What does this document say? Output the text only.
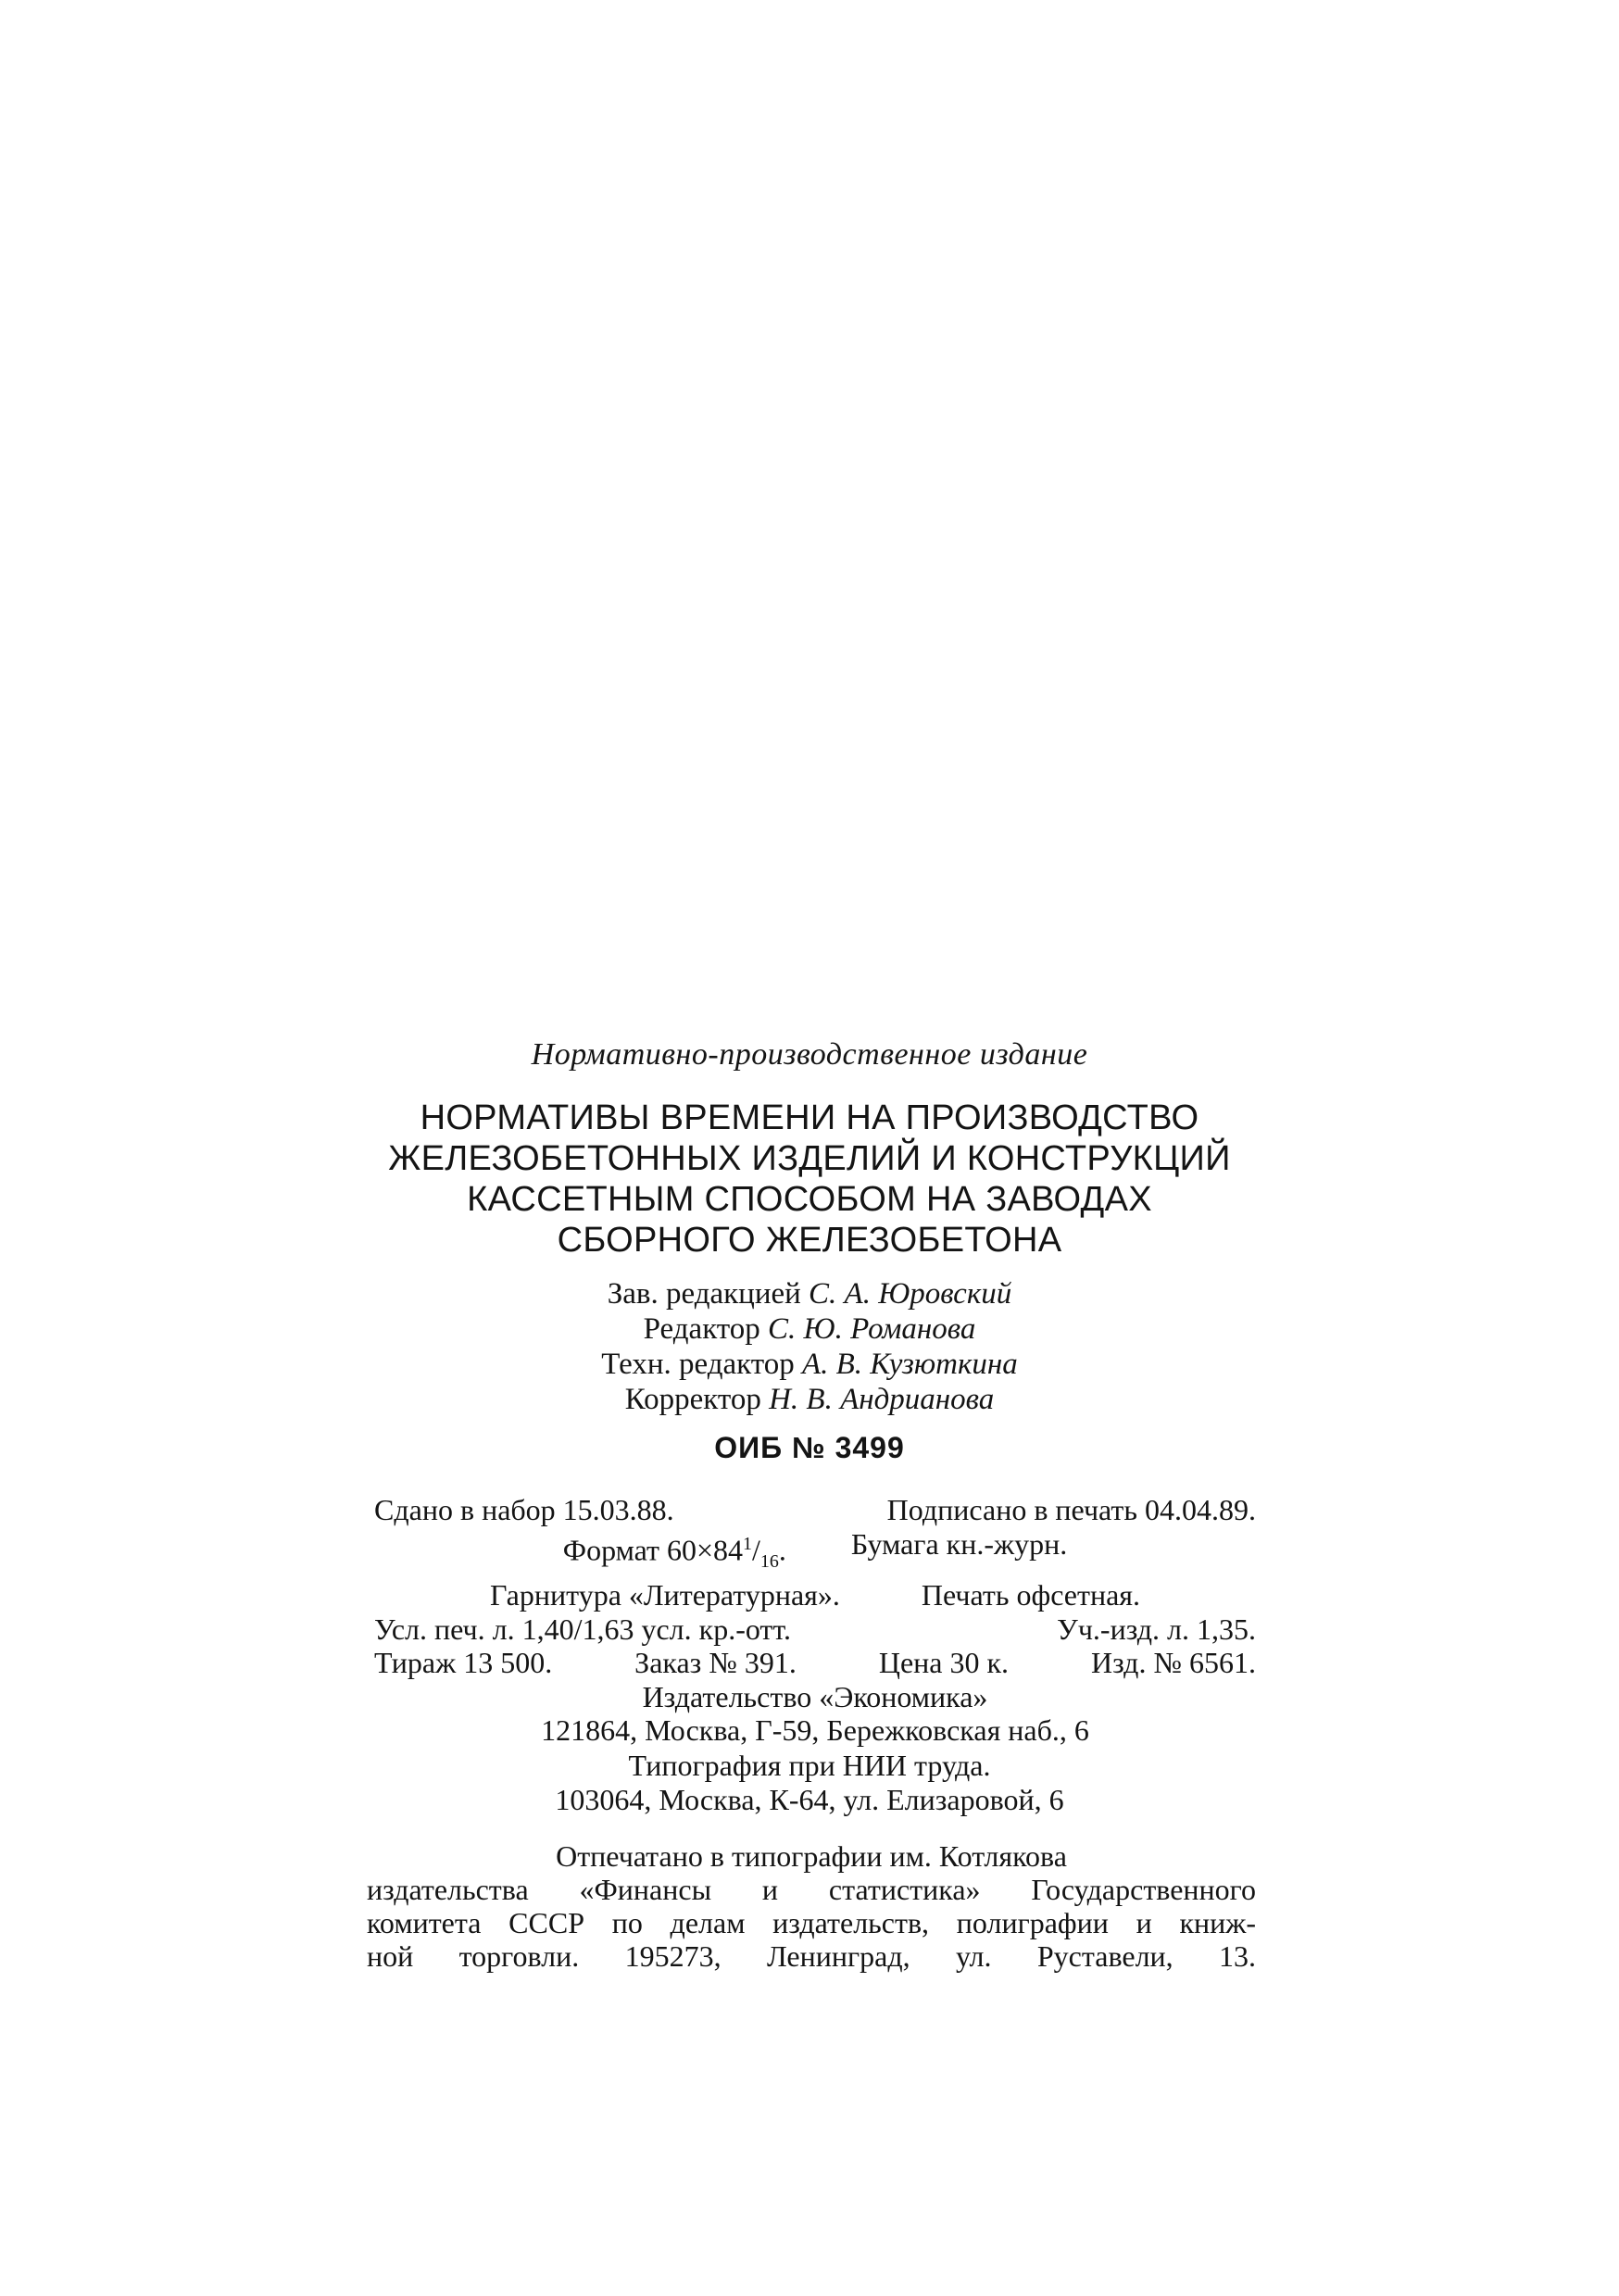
Нормативно-производственное издание
НОРМАТИВЫ ВРЕМЕНИ НА ПРОИЗВОДСТВО
ЖЕЛЕЗОБЕТОННЫХ ИЗДЕЛИЙ И КОНСТРУКЦИЙ
КАССЕТНЫМ СПОСОБОМ НА ЗАВОДАХ
СБОРНОГО ЖЕЛЕЗОБЕТОНА
Зав. редакцией С. А. Юровский
Редактор С. Ю. Романова
Техн. редактор А. В. Кузюткина
Корректор Н. В. Андрианова
ОИБ № 3499
Сдано в набор 15.03.88.	Подписано в печать 04.04.89.
Формат $60\times 84^1/_{16}$. Бумага кн.-журн.
Гарнитура «Литературная».	Печать офсетная.
Усл. печ. л. 1,40/1,63 усл. кр.-отт.	Уч.-изд. л. 1,35.
Тираж 13 500.	Заказ № 391.	Цена 30 к.	Изд. № 6561.
Издательство «Экономика»
121864, Москва, Г-59, Бережковская наб., 6
Типография при НИИ труда.
103064, Москва, К-64, ул. Елизаровой, 6
Отпечатано в типографии им. Котлякова
издательства «Финансы и статистика» Государственного
комитета СССР по делам издательств, полиграфии и книж-
ной торговли. 195273, Ленинград, ул. Руставели, 13.
